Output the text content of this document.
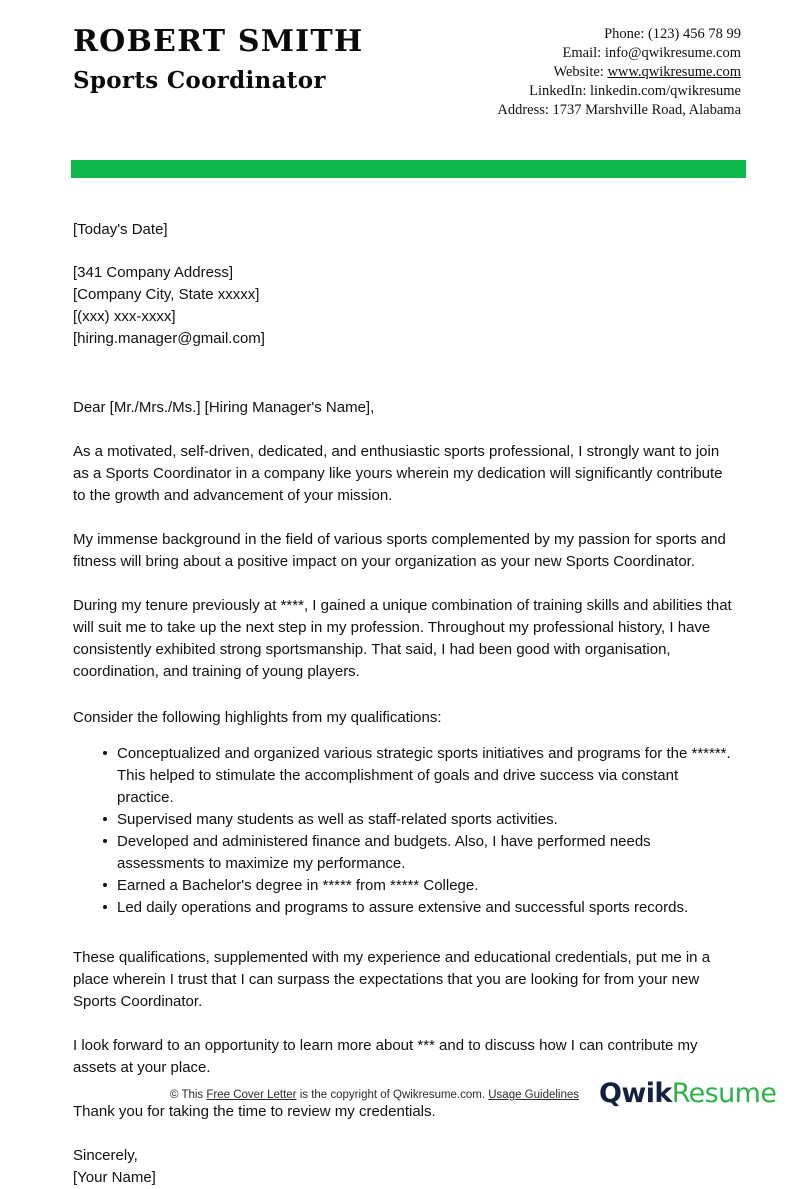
ROBERT SMITH
Sports Coordinator
Phone: (123) 456 78 99
Email: info@qwikresume.com
Website: www.qwikresume.com
LinkedIn: linkedin.com/qwikresume
Address: 1737 Marshville Road, Alabama
[Today's Date]
[341 Company Address]
[Company City, State xxxxx]
[(xxx) xxx-xxxx]
[hiring.manager@gmail.com]
Dear [Mr./Mrs./Ms.] [Hiring Manager's Name],

As a motivated, self-driven, dedicated, and enthusiastic sports professional, I strongly want to join as a Sports Coordinator in a company like yours wherein my dedication will significantly contribute to the growth and advancement of your mission.

My immense background in the field of various sports complemented by my passion for sports and fitness will bring about a positive impact on your organization as your new Sports Coordinator.

During my tenure previously at ****, I gained a unique combination of training skills and abilities that will suit me to take up the next step in my profession. Throughout my professional history, I have consistently exhibited strong sportsmanship. That said, I had been good with organisation, coordination, and training of young players.

Consider the following highlights from my qualifications:

Conceptualized and organized various strategic sports initiatives and programs for the ******. This helped to stimulate the accomplishment of goals and drive success via constant practice.
Supervised many students as well as staff-related sports activities.
Developed and administered finance and budgets. Also, I have performed needs assessments to maximize my performance.
Earned a Bachelor's degree in ***** from ***** College.
Led daily operations and programs to assure extensive and successful sports records.

These qualifications, supplemented with my experience and educational credentials, put me in a place wherein I trust that I can surpass the expectations that you are looking for from your new Sports Coordinator.

I look forward to an opportunity to learn more about *** and to discuss how I can contribute my assets at your place.

Thank you for taking the time to review my credentials.

Sincerely,
[Your Name]
© This Free Cover Letter is the copyright of Qwikresume.com. Usage Guidelines QwikResume
